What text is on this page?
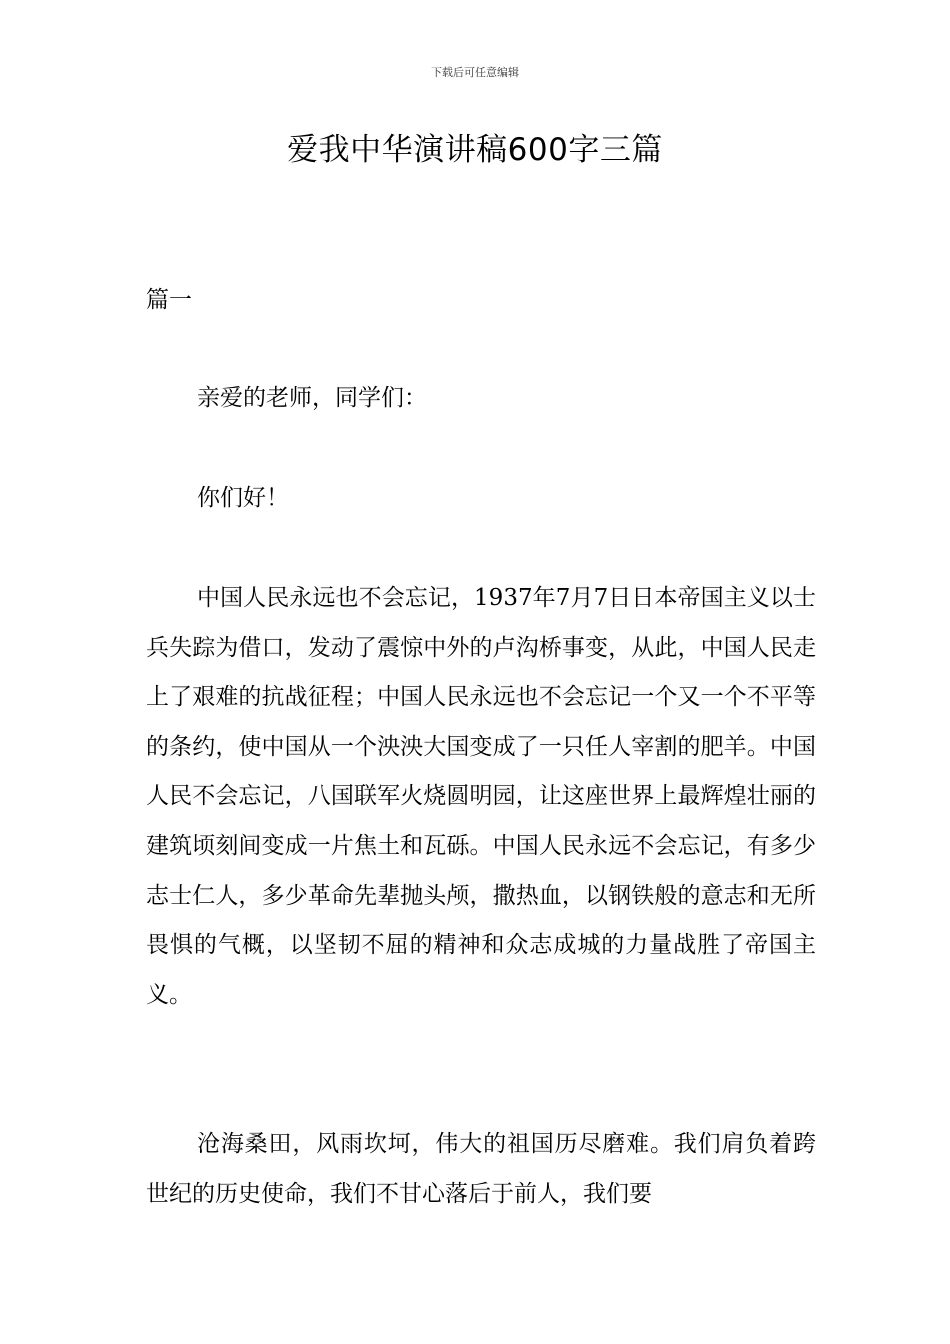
下载后可任意编辑
爱我中华演讲稿600字三篇
篇一

亲爱的老师，同学们：

你们好！

中国人民永远也不会忘记，1937年7月7日日本帝国主义以士兵失踪为借口，发动了震惊中外的卢沟桥事变，从此，中国人民走上了艰难的抗战征程；中国人民永远也不会忘记一个又一个不平等的条约，使中国从一个泱泱大国变成了一只任人宰割的肥羊。中国人民不会忘记，八国联军火烧圆明园，让这座世界上最辉煌壮丽的建筑顷刻间变成一片焦土和瓦砾。中国人民永远不会忘记，有多少志士仁人，多少革命先辈抛头颅，撒热血，以钢铁般的意志和无所畏惧的气概，以坚韧不屈的精神和众志成城的力量战胜了帝国主义。

沧海桑田，风雨坎坷，伟大的祖国历尽磨难。我们肩负着跨世纪的历史使命，我们不甘心落后于前人，我们要
